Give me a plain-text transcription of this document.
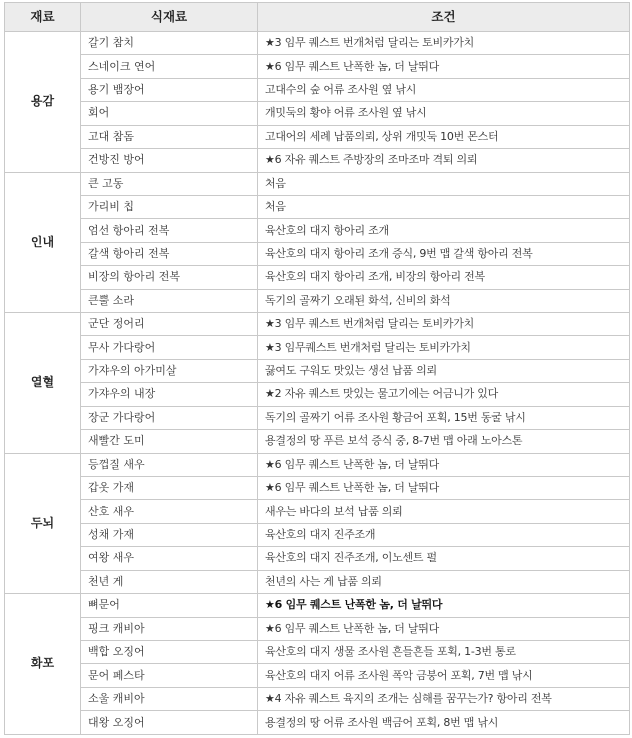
재료	식재료	조건
용감	갈기 참치	★3 임무 퀘스트 번개처럼 달리는 토비카가치
	스네이크 연어	★6 임무 퀘스트 난폭한 놈, 더 날뛰다
	용기 뱀장어	고대수의 숲 어류 조사원 옆 낚시
	회어	개밋둑의 황야 어류 조사원 옆 낚시
	고대 참돔	고대어의 세례 납품의뢰, 상위 개밋둑 10번 몬스터
	건방진 방어	★6 자유 퀘스트 주방장의 조마조마 격퇴 의뢰
인내	큰 고동	처음
	가리비 칩	처음
	엄선 항아리 전복	육산호의 대지 항아리 조개
	갈색 항아리 전복	육산호의 대지 항아리 조개 증식, 9번 맵 갈색 항아리 전복
	비장의 항아리 전복	육산호의 대지 항아리 조개, 비장의 항아리 전복
	큰뿔 소라	독기의 골짜기 오래된 화석, 신비의 화석
열혈	군단 정어리	★3 임무 퀘스트 번개처럼 달리는 토비카가치
	무사 가다랑어	★3 임무퀘스트 번개처럼 달리는 토비카가치
	가쟈우의 아가미살	끓여도 구워도 맛있는 생선 납품 의뢰
	가쟈우의 내장	★2 자유 퀘스트 맛있는 물고기에는 어금니가 있다
	장군 가다랑어	독기의 골짜기 어류 조사원 황금어 포획, 15번 동굴 낚시
	새빨간 도미	용결정의 땅 푸른 보석 증식 중, 8-7번 맵 아래 노아스톤
두뇌	등껍질 새우	★6 임무 퀘스트 난폭한 놈, 더 날뛰다
	갑옷 가재	★6 임무 퀘스트 난폭한 놈, 더 날뛰다
	산호 새우	새우는 바다의 보석 납품 의뢰
	성채 가재	육산호의 대지 진주조개
	여왕 새우	육산호의 대지 진주조개, 이노센트 펄
	천년 게	천년의 사는 게 납품 의뢰
화포	뼈문어	★6 임무 퀘스트 난폭한 놈, 더 날뛰다
	핑크 캐비아	★6 임무 퀘스트 난폭한 놈, 더 날뛰다
	백합 오징어	육산호의 대지 생물 조사원 흔들흔들 포획, 1-3번 통로
	문어 페스타	육산호의 대지 어류 조사원 폭악 금붕어 포획, 7번 맵 낚시
	소울 캐비아	★4 자유 퀘스트 육지의 조개는 심해를 꿈꾸는가? 항아리 전복
	대왕 오징어	용결정의 땅 어류 조사원 백금어 포획, 8번 맵 낚시
